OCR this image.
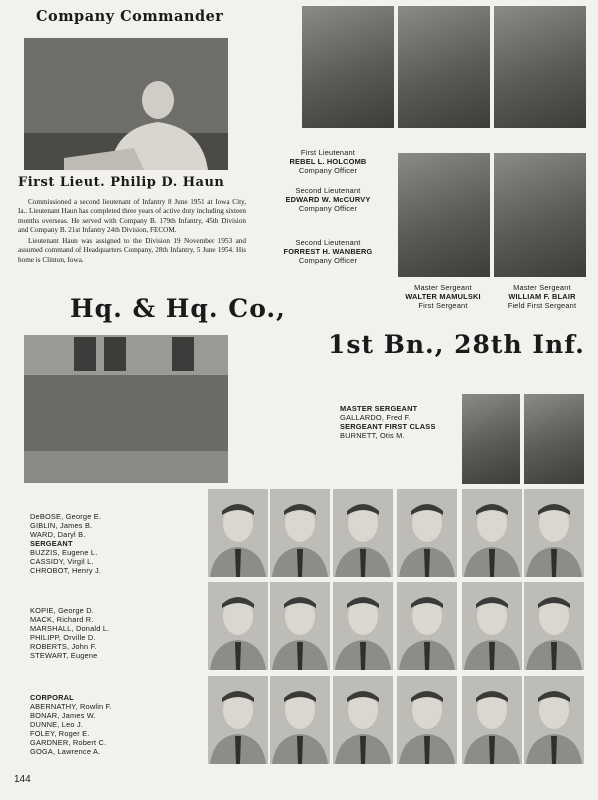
Company Commander
First Lieut. Philip D. Haun

Commissioned a second lieutenant of Infantry 8 June 1951 at Iowa City, Ia.. Lieutenant Haun has completed three years of active duty including sixteen months overseas. He served with Company B. 179th Infantry, 45th Division and Company B. 21st Infantry 24th Division, FECOM.

Lieutenant Haun was assigned to the Division 19 November 1953 and assumed command of Headquarters Company, 28th Infantry, 5 June 1954. His home is Clinton, Iowa.

Hq. & Hq. Co.,
1st Bn., 28th Inf.
First Lieutenant
REBEL L. HOLCOMB
Company Officer
Second Lieutenant
EDWARD W. McCURVY
Company Officer
Second Lieutenant
FORREST H. WANBERG
Company Officer
Master Sergeant
WALTER MAMULSKI
First Sergeant
Master Sergeant
WILLIAM F. BLAIR
Field First Sergeant
MASTER SERGEANT
GALLARDO, Fred F.
SERGEANT FIRST CLASS
BURNETT, Otis M.
DeBOSE, George E.
GIBLIN, James B.
WARD, Daryl B.
SERGEANT
BUZZIS, Eugene L.
CASSIDY, Virgil L.
CHROBOT, Henry J.
KOPIE, George D.
MACK, Richard R.
MARSHALL, Donald L.
PHILIPP, Orville D.
ROBERTS, John F.
STEWART, Eugene
CORPORAL
ABERNATHY, Rowlin F.
BONAR, James W.
DUNNE, Leo J.
FOLEY, Roger E.
GARDNER, Robert C.
GOGA, Lawrence A.
144
